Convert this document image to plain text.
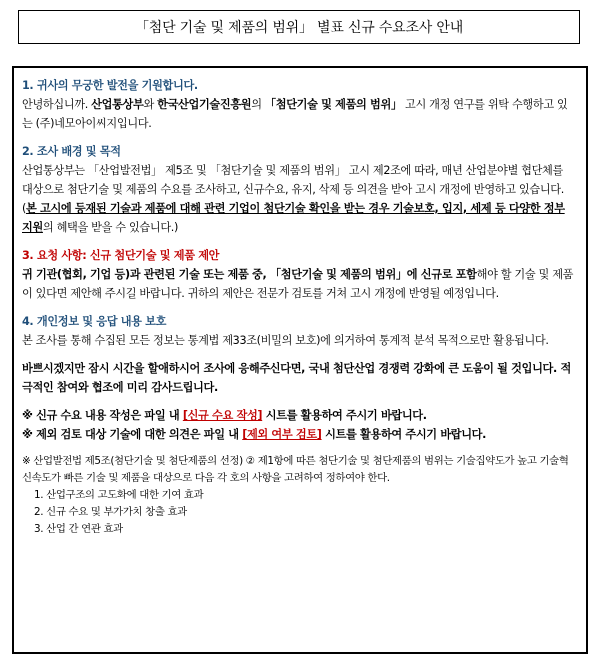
「첨단 기술 및 제품의 범위」 별표 신규 수요조사 안내
1. 귀사의 무궁한 발전을 기원합니다.

안녕하십니까. 산업통상부와 한국산업기술진흥원의 「첨단기술 및 제품의 범위」 고시 개정 연구를 위탁 수행하고 있는 (주)네모아이씨지입니다.

2. 조사 배경 및 목적

산업통상부는 「산업발전법」 제5조 및 「첨단기술 및 제품의 범위」 고시 제2조에 따라, 매년 산업분야별 협단체를 대상으로 첨단기술 및 제품의 수요를 조사하고, 신규수요, 유지, 삭제 등 의견을 받아 고시 개정에 반영하고 있습니다. (본 고시에 등재된 기술과 제품에 대해 관련 기업이 첨단기술 확인을 받는 경우 기술보호, 입지, 세제 등 다양한 정부 지원의 혜택을 받을 수 있습니다.)

3. 요청 사항: 신규 첨단기술 및 제품 제안

귀 기관(협회, 기업 등)과 관련된 기술 또는 제품 중, 「첨단기술 및 제품의 범위」에 신규로 포함해야 할 기술 및 제품이 있다면 제안해 주시길 바랍니다. 귀하의 제안은 전문가 검토를 거쳐 고시 개정에 반영될 예정입니다.

4. 개인정보 및 응답 내용 보호

본 조사를 통해 수집된 모든 정보는 통계법 제33조(비밀의 보호)에 의거하여 통계적 분석 목적으로만 활용됩니다.

바쁘시겠지만 잠시 시간을 할애하시어 조사에 응해주신다면, 국내 첨단산업 경쟁력 강화에 큰 도움이 될 것입니다. 적극적인 참여와 협조에 미리 감사드립니다.

※ 신규 수요 내용 작성은 파일 내 [신규 수요 작성] 시트를 활용하여 주시기 바랍니다.

※ 제외 검토 대상 기술에 대한 의견은 파일 내 [제외 여부 검토] 시트를 활용하여 주시기 바랍니다.

※ 산업발전법 제5조(첨단기술 및 첨단제품의 선정) ② 제1항에 따른 첨단기술 및 첨단제품의 범위는 기술집약도가 높고 기술혁신속도가 빠른 기술 및 제품을 대상으로 다음 각 호의 사항을 고려하여 정하여야 한다.

1. 산업구조의 고도화에 대한 기여 효과
2. 신규 수요 및 부가가치 창출 효과
3. 산업 간 연관 효과
